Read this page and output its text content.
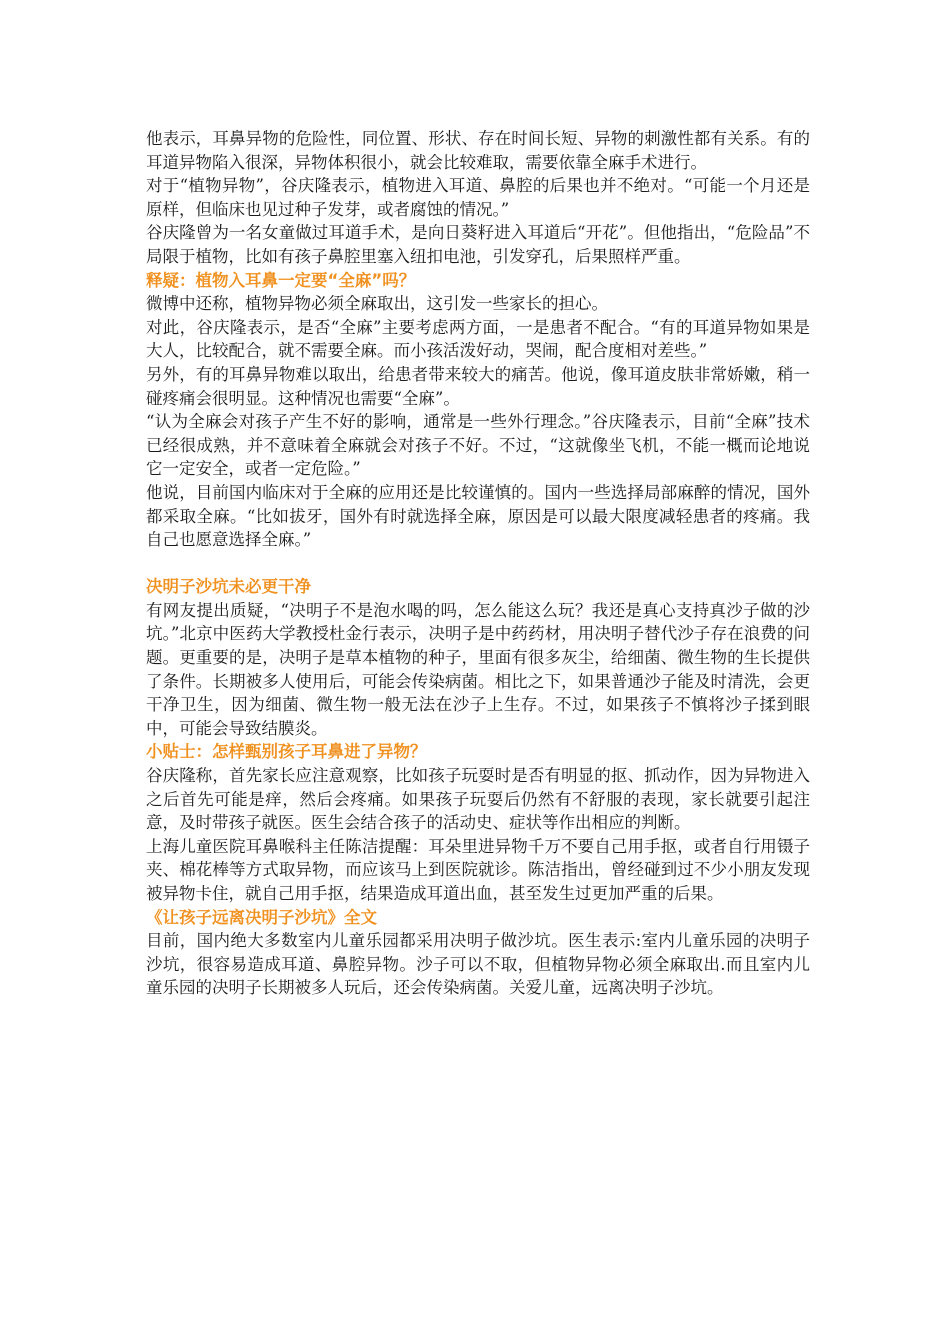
他表示，耳鼻异物的危险性，同位置、形状、存在时间长短、异物的刺激性都有关系。有的耳道异物陷入很深，异物体积很小，就会比较难取，需要依靠全麻手术进行。

对于“植物异物”，谷庆隆表示，植物进入耳道、鼻腔的后果也并不绝对。“可能一个月还是原样，但临床也见过种子发芽，或者腐蚀的情况。”

谷庆隆曾为一名女童做过耳道手术，是向日葵籽进入耳道后“开花”。但他指出，“危险品”不局限于植物，比如有孩子鼻腔里塞入纽扣电池，引发穿孔，后果照样严重。

释疑：植物入耳鼻一定要“全麻”吗？

微博中还称，植物异物必须全麻取出，这引发一些家长的担心。

对此，谷庆隆表示，是否“全麻”主要考虑两方面，一是患者不配合。“有的耳道异物如果是大人，比较配合，就不需要全麻。而小孩活泼好动，哭闹，配合度相对差些。”

另外，有的耳鼻异物难以取出，给患者带来较大的痛苦。他说，像耳道皮肤非常娇嫩，稍一碰疼痛会很明显。这种情况也需要“全麻”。

“认为全麻会对孩子产生不好的影响，通常是一些外行理念。”谷庆隆表示，目前“全麻”技术已经很成熟，并不意味着全麻就会对孩子不好。不过，“这就像坐飞机，不能一概而论地说它一定安全，或者一定危险。”

他说，目前国内临床对于全麻的应用还是比较谨慎的。国内一些选择局部麻醉的情况，国外都采取全麻。“比如拔牙，国外有时就选择全麻，原因是可以最大限度减轻患者的疼痛。我自己也愿意选择全麻。”

决明子沙坑未必更干净

有网友提出质疑，“决明子不是泡水喝的吗，怎么能这么玩？我还是真心支持真沙子做的沙坑。”北京中医药大学教授杜金行表示，决明子是中药药材，用决明子替代沙子存在浪费的问题。更重要的是，决明子是草本植物的种子，里面有很多灰尘，给细菌、微生物的生长提供了条件。长期被多人使用后，可能会传染病菌。相比之下，如果普通沙子能及时清洗，会更干净卫生，因为细菌、微生物一般无法在沙子上生存。不过，如果孩子不慎将沙子揉到眼中，可能会导致结膜炎。

小贴士：怎样甄别孩子耳鼻进了异物？

谷庆隆称，首先家长应注意观察，比如孩子玩耍时是否有明显的抠、抓动作，因为异物进入之后首先可能是痒，然后会疼痛。如果孩子玩耍后仍然有不舒服的表现，家长就要引起注意，及时带孩子就医。医生会结合孩子的活动史、症状等作出相应的判断。

上海儿童医院耳鼻喉科主任陈洁提醒：耳朵里进异物千万不要自己用手抠，或者自行用镊子夹、棉花棒等方式取异物，而应该马上到医院就诊。陈洁指出，曾经碰到过不少小朋友发现被异物卡住，就自己用手抠，结果造成耳道出血，甚至发生过更加严重的后果。

《让孩子远离决明子沙坑》全文

目前，国内绝大多数室内儿童乐园都采用决明子做沙坑。医生表示:室内儿童乐园的决明子沙坑，很容易造成耳道、鼻腔异物。沙子可以不取，但植物异物必须全麻取出.而且室内儿童乐园的决明子长期被多人玩后，还会传染病菌。关爱儿童，远离决明子沙坑。
